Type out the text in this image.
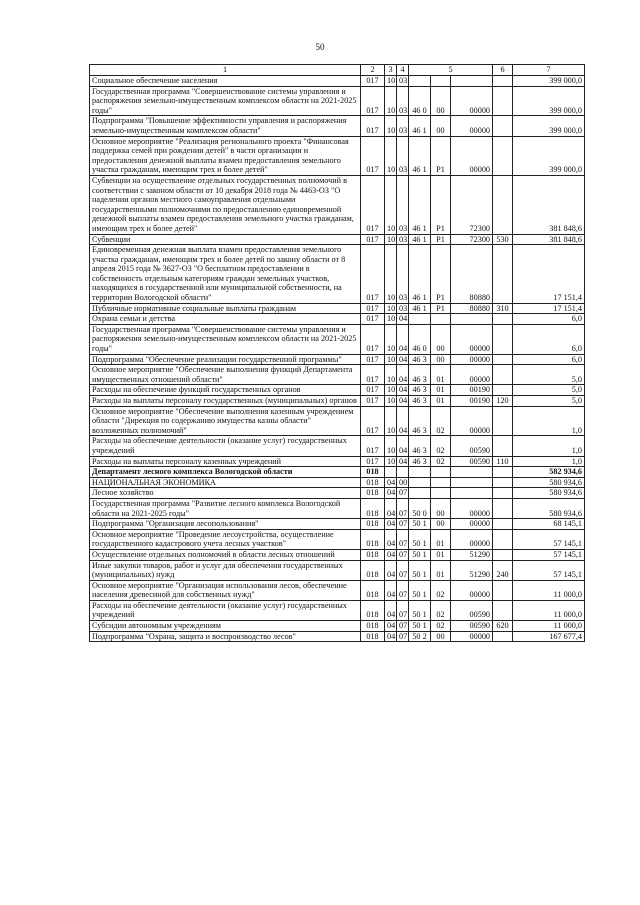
50
1	2	3	4	5			6	7
Социальное обеспечение населения	017	10	03					399 000,0
Государственная программа "Совершенствование системы управления и распоряжения земельно-имущественным комплексом области на 2021-2025 годы"	017	10	03	46 0	00	00000		399 000,0
Подпрограмма "Повышение эффективности управления и распоряжения земельно-имущественным комплексом области"	017	10	03	46 1	00	00000		399 000,0
Основное мероприятие "Реализация регионального проекта "Финансовая поддержка семей при рождении детей" в части организации и предоставления денежной выплаты взамен предоставления земельного участка гражданам, имеющим трех и более детей"	017	10	03	46 1	P1	00000		399 000,0
Субвенции на осуществление отдельных государственных полномочий в соответствии с законом области от 10 декабря 2018 года № 4463-ОЗ "О наделении органов местного самоуправления отдельными государственными полномочиями по предоставлению единовременной денежной выплаты взамен предоставления земельного участка гражданам, имеющим трех и более детей"	017	10	03	46 1	P1	72300		381 848,6
Субвенции	017	10	03	46 1	P1	72300	530	381 848,6
Единовременная денежная выплата взамен предоставления земельного участка гражданам, имеющим трех и более детей по закону области от 8 апреля 2015 года № 3627-ОЗ "О бесплатном предоставлении в собственность отдельным категориям граждан земельных участков, находящихся в государственной или муниципальной собственности, на территории Вологодской области"	017	10	03	46 1	P1	80880		17 151,4
Публичные нормативные социальные выплаты гражданам	017	10	03	46 1	P1	80880	310	17 151,4
Охрана семьи и детства	017	10	04					6,0
Государственная программа "Совершенствование системы управления и распоряжения земельно-имущественным комплексом области на 2021-2025 годы"	017	10	04	46 0	00	00000		6,0
Подпрограмма "Обеспечение реализации государственной программы"	017	10	04	46 3	00	00000		6,0
Основное мероприятие "Обеспечение выполнения функций Департамента имущественных отношений области"	017	10	04	46 3	01	00000		5,0
Расходы на обеспечение функций государственных органов	017	10	04	46 3	01	00190		5,0
Расходы на выплаты персоналу государственных (муниципальных) органов	017	10	04	46 3	01	00190	120	5,0
Основное мероприятие "Обеспечение выполнения казенным учреждением области "Дирекция по содержанию имущества казны области" возложенных полномочий"	017	10	04	46 3	02	00000		1,0
Расходы на обеспечение деятельности (оказание услуг) государственных учреждений	017	10	04	46 3	02	00590		1,0
Расходы на выплаты персоналу казенных учреждений	017	10	04	46 3	02	00590	110	1,0
Департамент лесного комплекса Вологодской области	018							582 934,6
НАЦИОНАЛЬНАЯ ЭКОНОМИКА	018	04	00					580 934,6
Лесное хозяйство	018	04	07					580 934,6
Государственная программа "Развитие лесного комплекса Вологодской области на 2021-2025 годы"	018	04	07	50 0	00	00000		580 934,6
Подпрограмма "Организация лесопользования"	018	04	07	50 1	00	00000		68 145,1
Основное мероприятие "Проведение лесоустройства, осуществление государственного кадастрового учета лесных участков"	018	04	07	50 1	01	00000		57 145,1
Осуществление отдельных полномочий в области лесных отношений	018	04	07	50 1	01	51290		57 145,1
Иные закупки товаров, работ и услуг для обеспечения государственных (муниципальных) нужд	018	04	07	50 1	01	51290	240	57 145,1
Основное мероприятие "Организация использования лесов, обеспечение населения древесиной для собственных нужд"	018	04	07	50 1	02	00000		11 000,0
Расходы на обеспечение деятельности (оказание услуг) государственных учреждений	018	04	07	50 1	02	00590		11 000,0
Субсидии автономным учреждениям	018	04	07	50 1	02	00590	620	11 000,0
Подпрограмма "Охрана, защита и воспроизводство лесов"	018	04	07	50 2	00	00000		167 677,4
